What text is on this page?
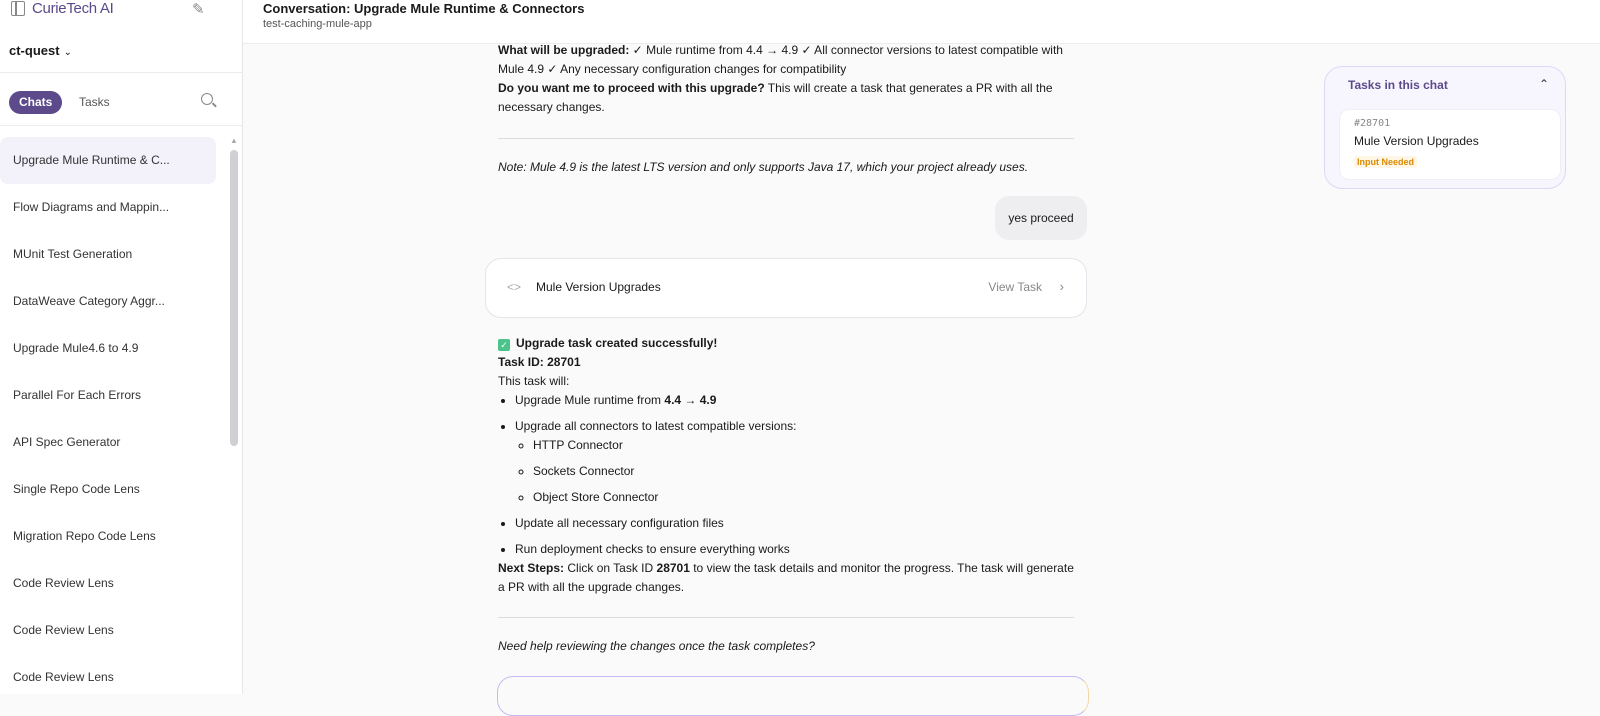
CurieTech AI	✎
ct-quest ⌄
Chats	Tasks
Upgrade Mule Runtime & C...
Flow Diagrams and Mappin...
MUnit Test Generation
DataWeave Category Aggr...
Upgrade Mule4.6 to 4.9
Parallel For Each Errors
API Spec Generator
Single Repo Code Lens
Migration Repo Code Lens
Code Review Lens
Code Review Lens
Code Review Lens
▲
Conversation: Upgrade Mule Runtime & Connectors
test-caching-mule-app

What will be upgraded: ✓ Mule runtime from 4.4 → 4.9 ✓ All connector versions to latest compatible with Mule 4.9 ✓ Any necessary configuration changes for compatibility

Do you want me to proceed with this upgrade? This will create a task that generates a PR with all the necessary changes.

Note: Mule 4.9 is the latest LTS version and only supports Java 17, which your project already uses.

yes proceed
<> Mule Version Upgrades	View Task ›

✓ Upgrade task created successfully!

Task ID: 28701

This task will:

• Upgrade Mule runtime from 4.4 → 4.9
• Upgrade all connectors to latest compatible versions:
◦ HTTP Connector
◦ Sockets Connector
◦ Object Store Connector
• Update all necessary configuration files
• Run deployment checks to ensure everything works

Next Steps: Click on Task ID 28701 to view the task details and monitor the progress. The task will generate a PR with all the upgrade changes.

Need help reviewing the changes once the task completes?

Tasks in this chat	⌃
#28701
Mule Version Upgrades
Input Needed
